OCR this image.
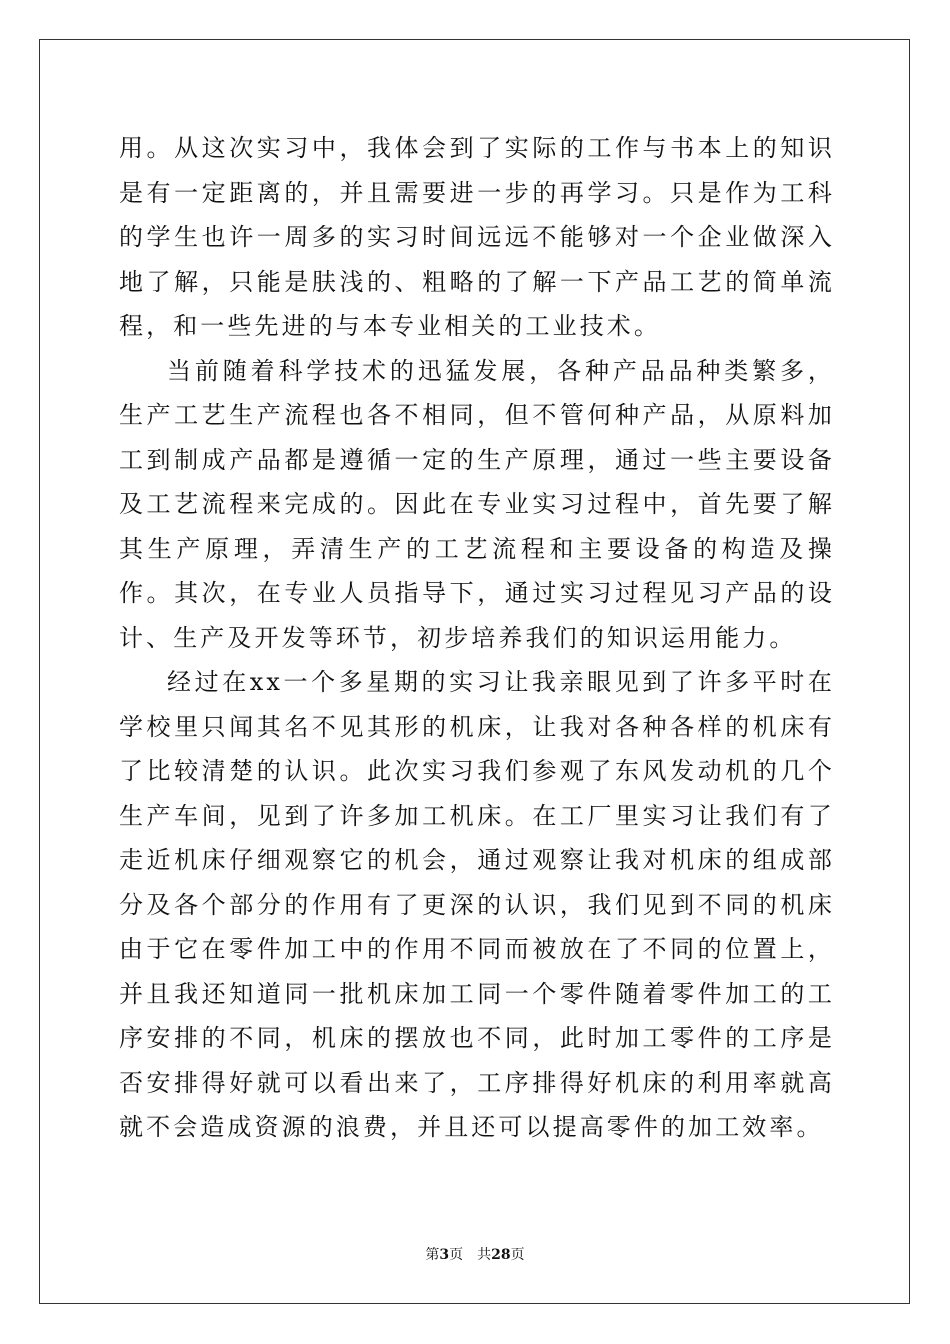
用。从这次实习中，我体会到了实际的工作与书本上的知识是有一定距离的，并且需要进一步的再学习。只是作为工科的学生也许一周多的实习时间远远不能够对一个企业做深入地了解，只能是肤浅的、粗略的了解一下产品工艺的简单流程，和一些先进的与本专业相关的工业技术。

当前随着科学技术的迅猛发展，各种产品品种类繁多，生产工艺生产流程也各不相同，但不管何种产品，从原料加工到制成产品都是遵循一定的生产原理，通过一些主要设备及工艺流程来完成的。因此在专业实习过程中，首先要了解其生产原理，弄清生产的工艺流程和主要设备的构造及操作。其次，在专业人员指导下，通过实习过程见习产品的设计、生产及开发等环节，初步培养我们的知识运用能力。

经过在xx一个多星期的实习让我亲眼见到了许多平时在学校里只闻其名不见其形的机床，让我对各种各样的机床有了比较清楚的认识。此次实习我们参观了东风发动机的几个生产车间，见到了许多加工机床。在工厂里实习让我们有了走近机床仔细观察它的机会，通过观察让我对机床的组成部分及各个部分的作用有了更深的认识，我们见到不同的机床由于它在零件加工中的作用不同而被放在了不同的位置上，并且我还知道同一批机床加工同一个零件随着零件加工的工序安排的不同，机床的摆放也不同，此时加工零件的工序是否安排得好就可以看出来了，工序排得好机床的利用率就高就不会造成资源的浪费，并且还可以提高零件的加工效率。

第3页 共28页
